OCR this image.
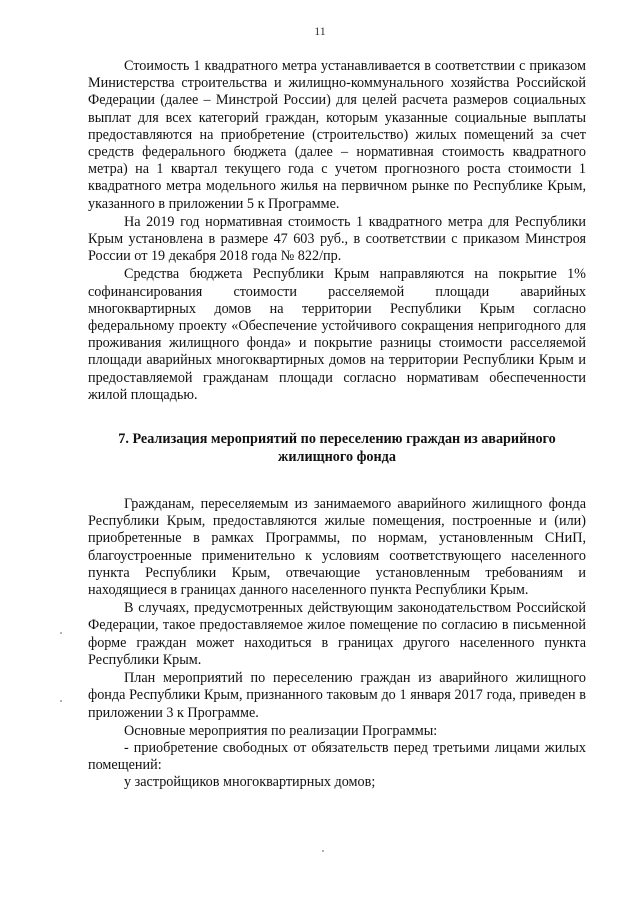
11

Стоимость 1 квадратного метра устанавливается в соответствии с приказом Министерства строительства и жилищно-коммунального хозяйства Российской Федерации (далее – Минстрой России) для целей расчета размеров социальных выплат для всех категорий граждан, которым указанные социальные выплаты предоставляются на приобретение (строительство) жилых помещений за счет средств федерального бюджета (далее – нормативная стоимость квадратного метра) на 1 квартал текущего года с учетом прогнозного роста стоимости 1 квадратного метра модельного жилья на первичном рынке по Республике Крым, указанного в приложении 5 к Программе.

На 2019 год нормативная стоимость 1 квадратного метра для Республики Крым установлена в размере 47 603 руб., в соответствии с приказом Минстроя России от 19 декабря 2018 года № 822/пр.

Средства бюджета Республики Крым направляются на покрытие 1% софинансирования стоимости расселяемой площади аварийных многоквартирных домов на территории Республики Крым согласно федеральному проекту «Обеспечение устойчивого сокращения непригодного для проживания жилищного фонда» и покрытие разницы стоимости расселяемой площади аварийных многоквартирных домов на территории Республики Крым и предоставляемой гражданам площади согласно нормативам обеспеченности жилой площадью.

7. Реализация мероприятий по переселению граждан из аварийного жилищного фонда

Гражданам, переселяемым из занимаемого аварийного жилищного фонда Республики Крым, предоставляются жилые помещения, построенные и (или) приобретенные в рамках Программы, по нормам, установленным СНиП, благоустроенные применительно к условиям соответствующего населенного пункта Республики Крым, отвечающие установленным требованиям и находящиеся в границах данного населенного пункта Республики Крым.

В случаях, предусмотренных действующим законодательством Российской Федерации, такое предоставляемое жилое помещение по согласию в письменной форме граждан может находиться в границах другого населенного пункта Республики Крым.

План мероприятий по переселению граждан из аварийного жилищного фонда Республики Крым, признанного таковым до 1 января 2017 года, приведен в приложении 3 к Программе.

Основные мероприятия по реализации Программы:

- приобретение свободных от обязательств перед третьими лицами жилых помещений:

у застройщиков многоквартирных домов;
